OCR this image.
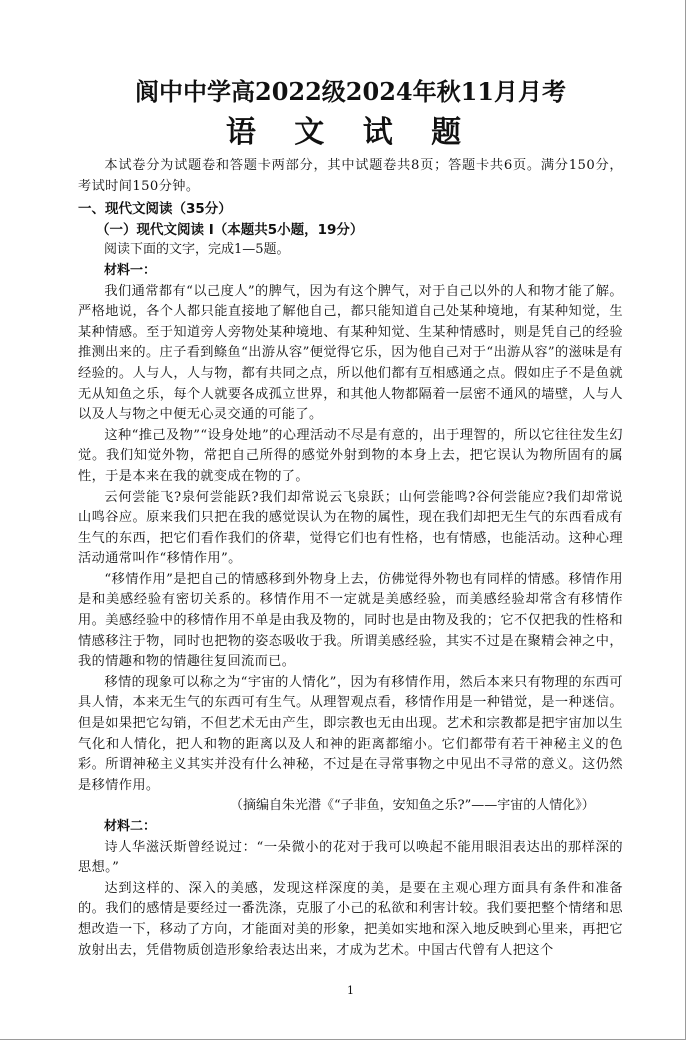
阆中中学高2022级2024年秋11月月考
语 文 试 题

本试卷分为试题卷和答题卡两部分，其中试题卷共8页；答题卡共6页。满分150分，考试时间150分钟。

一、现代文阅读（35分）
（一）现代文阅读 Ⅰ（本题共5小题，19分）
阅读下面的文字，完成1—5题。
材料一：

我们通常都有“以己度人”的脾气，因为有这个脾气，对于自己以外的人和物才能了解。严格地说，各个人都只能直接地了解他自己，都只能知道自己处某种境地，有某种知觉，生某种情感。至于知道旁人旁物处某种境地、有某种知觉、生某种情感时，则是凭自己的经验推测出来的。庄子看到鲦鱼“出游从容”便觉得它乐，因为他自己对于“出游从容”的滋味是有经验的。人与人，人与物，都有共同之点，所以他们都有互相感通之点。假如庄子不是鱼就无从知鱼之乐，每个人就要各成孤立世界，和其他人物都隔着一层密不通风的墙壁，人与人以及人与物之中便无心灵交通的可能了。

这种“推己及物”“设身处地”的心理活动不尽是有意的，出于理智的，所以它往往发生幻觉。我们知觉外物，常把自己所得的感觉外射到物的本身上去，把它误认为物所固有的属性，于是本来在我的就变成在物的了。

云何尝能飞?泉何尝能跃?我们却常说云飞泉跃；山何尝能鸣?谷何尝能应?我们却常说山鸣谷应。原来我们只把在我的感觉误认为在物的属性，现在我们却把无生气的东西看成有生气的东西，把它们看作我们的侪辈，觉得它们也有性格，也有情感，也能活动。这种心理活动通常叫作“移情作用”。

“移情作用”是把自己的情感移到外物身上去，仿佛觉得外物也有同样的情感。移情作用是和美感经验有密切关系的。移情作用不一定就是美感经验，而美感经验却常含有移情作用。美感经验中的移情作用不单是由我及物的，同时也是由物及我的；它不仅把我的性格和情感移注于物，同时也把物的姿态吸收于我。所谓美感经验，其实不过是在聚精会神之中，我的情趣和物的情趣往复回流而已。

移情的现象可以称之为“宇宙的人情化”，因为有移情作用，然后本来只有物理的东西可具人情，本来无生气的东西可有生气。从理智观点看，移情作用是一种错觉，是一种迷信。但是如果把它勾销，不但艺术无由产生，即宗教也无由出现。艺术和宗教都是把宇宙加以生气化和人情化，把人和物的距离以及人和神的距离都缩小。它们都带有若干神秘主义的色彩。所谓神秘主义其实并没有什么神秘，不过是在寻常事物之中见出不寻常的意义。这仍然是移情作用。

（摘编自朱光潜《“子非鱼，安知鱼之乐?”——宇宙的人情化》）
材料二：

诗人华滋沃斯曾经说过：“一朵微小的花对于我可以唤起不能用眼泪表达出的那样深的思想。”

达到这样的、深入的美感，发现这样深度的美，是要在主观心理方面具有条件和准备的。我们的感情是要经过一番洗涤，克服了小己的私欲和利害计较。我们要把整个情绪和思想改造一下，移动了方向，才能面对美的形象，把美如实地和深入地反映到心里来，再把它放射出去，凭借物质创造形象给表达出来，才成为艺术。中国古代曾有人把这个

1
